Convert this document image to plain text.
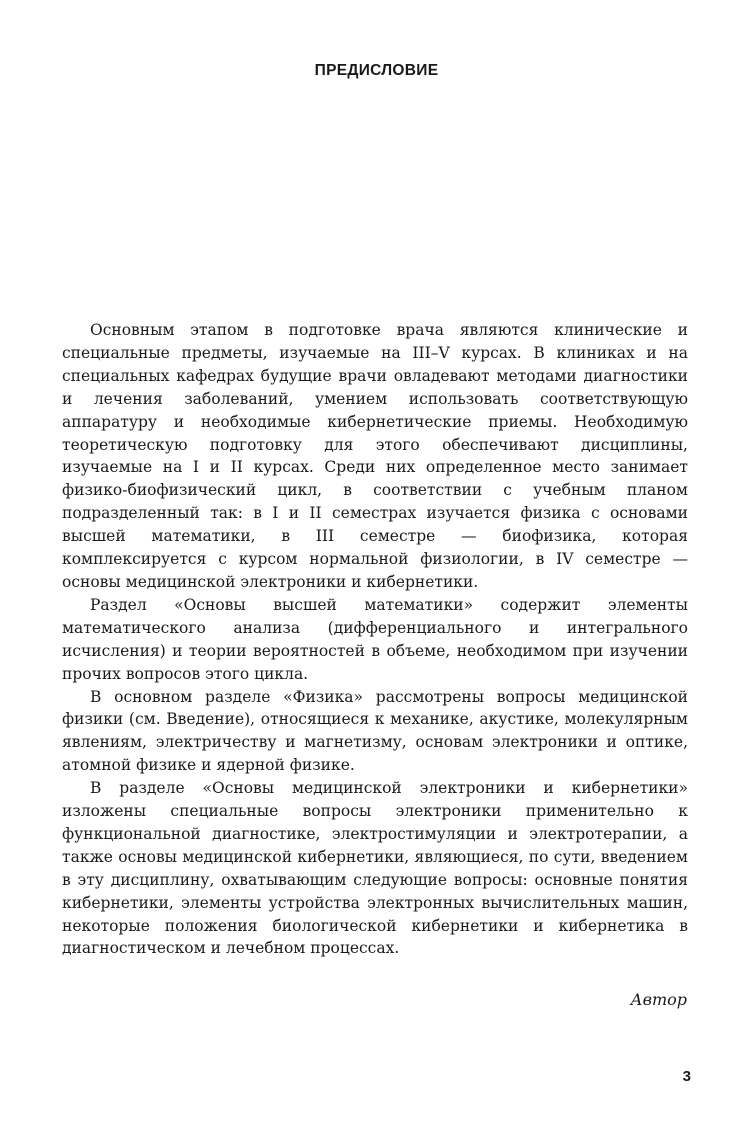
ПРЕДИСЛОВИЕ

Основным этапом в подготовке врача являются клинические и специальные предметы, изучаемые на III–V курсах. В клиниках и на специальных кафедрах будущие врачи овладевают методами диагностики и лечения заболеваний, умением использовать соответствующую аппаратуру и необходимые кибернетические приемы. Необходимую теоретическую подготовку для этого обеспечивают дисциплины, изучаемые на I и II курсах. Среди них определенное место занимает физико-биофизический цикл, в соответствии с учебным планом подразделенный так: в I и II семестрах изучается физика с основами высшей математики, в III семестре — биофизика, которая комплексируется с курсом нормальной физиологии, в IV семестре — основы медицинской электроники и кибернетики.

Раздел «Основы высшей математики» содержит элементы математического анализа (дифференциального и интегрального исчисления) и теории вероятностей в объеме, необходимом при изучении прочих вопросов этого цикла.

В основном разделе «Физика» рассмотрены вопросы медицинской физики (см. Введение), относящиеся к механике, акустике, молекулярным явлениям, электричеству и магнетизму, основам электроники и оптике, атомной физике и ядерной физике.

В разделе «Основы медицинской электроники и кибернетики» изложены специальные вопросы электроники применительно к функциональной диагностике, электростимуляции и электротерапии, а также основы медицинской кибернетики, являющиеся, по сути, введением в эту дисциплину, охватывающим следующие вопросы: основные понятия кибернетики, элементы устройства электронных вычислительных машин, некоторые положения биологической кибернетики и кибернетика в диагностическом и лечебном процессах.

Автор
3
